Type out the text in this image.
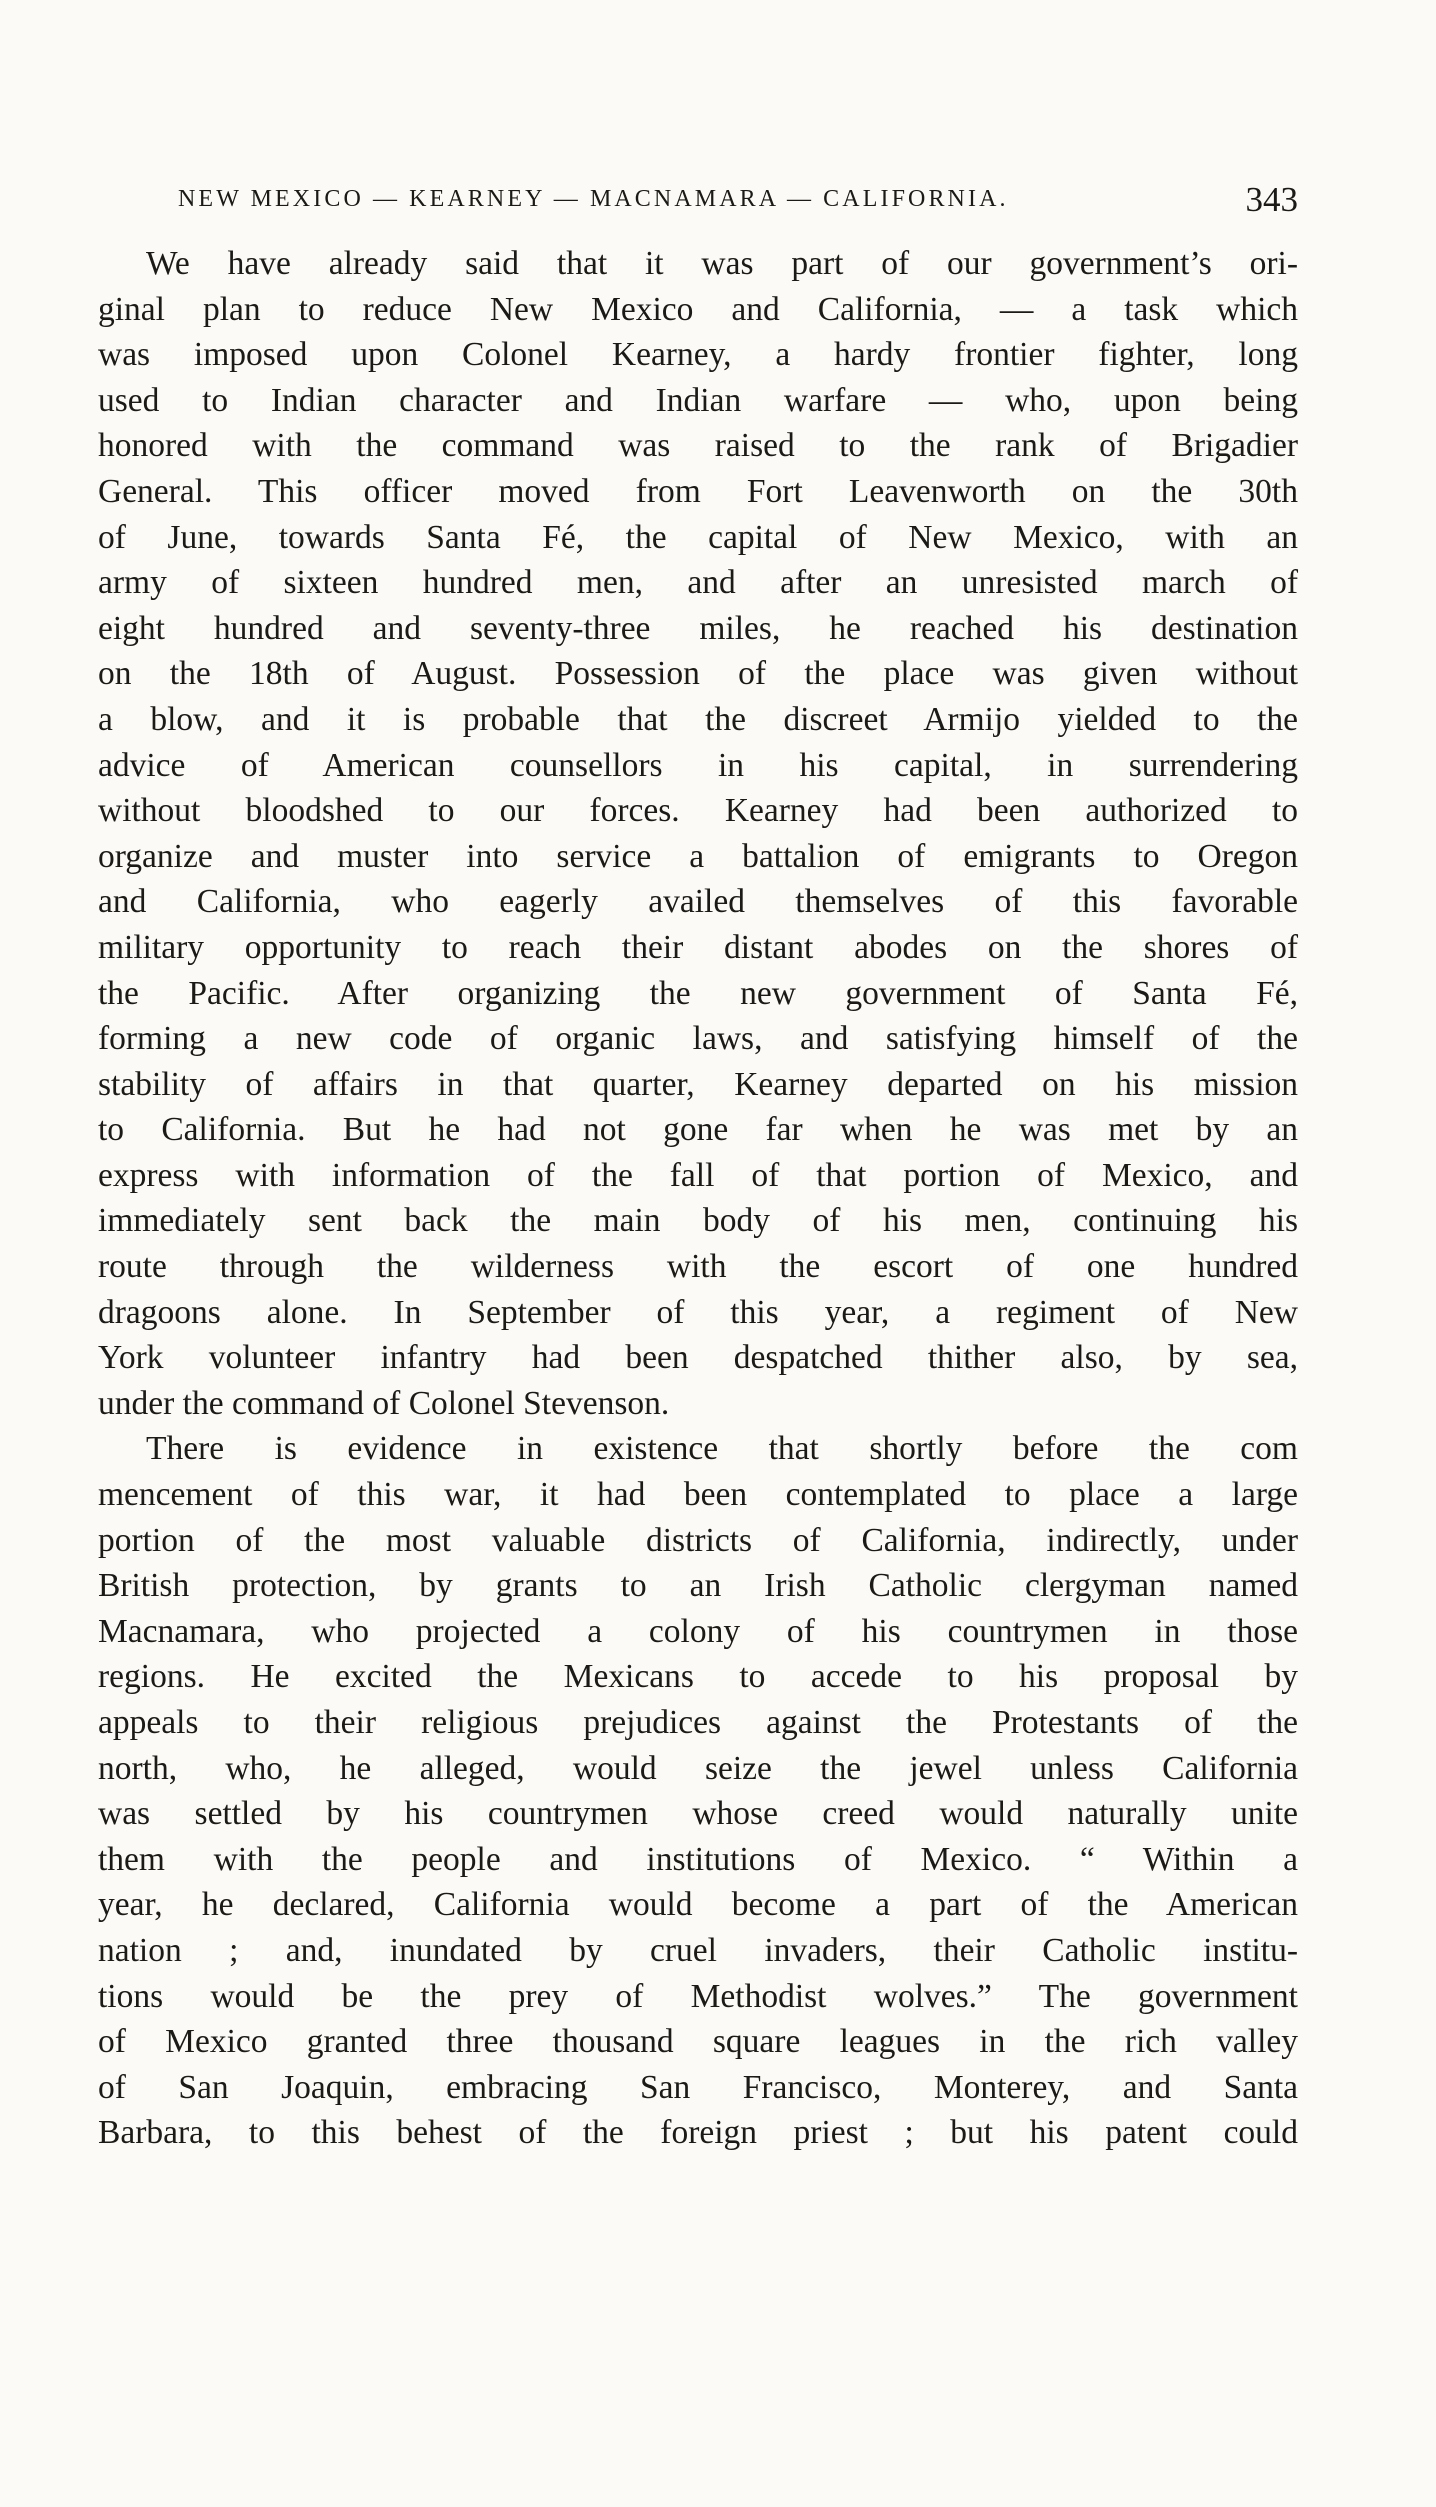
NEW MEXICO — KEARNEY — MACNAMARA — CALIFORNIA.	343
We have already said that it was part of our government’s ori-
ginal plan to reduce New Mexico and California, — a task which
was imposed upon Colonel Kearney, a hardy frontier fighter, long
used to Indian character and Indian warfare — who, upon being
honored with the command was raised to the rank of Brigadier
General. This officer moved from Fort Leavenworth on the 30th
of June, towards Santa Fé, the capital of New Mexico, with an
army of sixteen hundred men, and after an unresisted march of
eight hundred and seventy-three miles, he reached his destination
on the 18th of August. Possession of the place was given without
a blow, and it is probable that the discreet Armijo yielded to the
advice of American counsellors in his capital, in surrendering
without bloodshed to our forces. Kearney had been authorized to
organize and muster into service a battalion of emigrants to Oregon
and California, who eagerly availed themselves of this favorable
military opportunity to reach their distant abodes on the shores of
the Pacific. After organizing the new government of Santa Fé,
forming a new code of organic laws, and satisfying himself of the
stability of affairs in that quarter, Kearney departed on his mission
to California. But he had not gone far when he was met by an
express with information of the fall of that portion of Mexico, and
immediately sent back the main body of his men, continuing his
route through the wilderness with the escort of one hundred
dragoons alone. In September of this year, a regiment of New
York volunteer infantry had been despatched thither also, by sea,
under the command of Colonel Stevenson.
There is evidence in existence that shortly before the com
mencement of this war, it had been contemplated to place a large
portion of the most valuable districts of California, indirectly, under
British protection, by grants to an Irish Catholic clergyman named
Macnamara, who projected a colony of his countrymen in those
regions. He excited the Mexicans to accede to his proposal by
appeals to their religious prejudices against the Protestants of the
north, who, he alleged, would seize the jewel unless California
was settled by his countrymen whose creed would naturally unite
them with the people and institutions of Mexico. “ Within a
year, he declared, California would become a part of the American
nation ; and, inundated by cruel invaders, their Catholic institu-
tions would be the prey of Methodist wolves.” The government
of Mexico granted three thousand square leagues in the rich valley
of San Joaquin, embracing San Francisco, Monterey, and Santa
Barbara, to this behest of the foreign priest ; but his patent could
